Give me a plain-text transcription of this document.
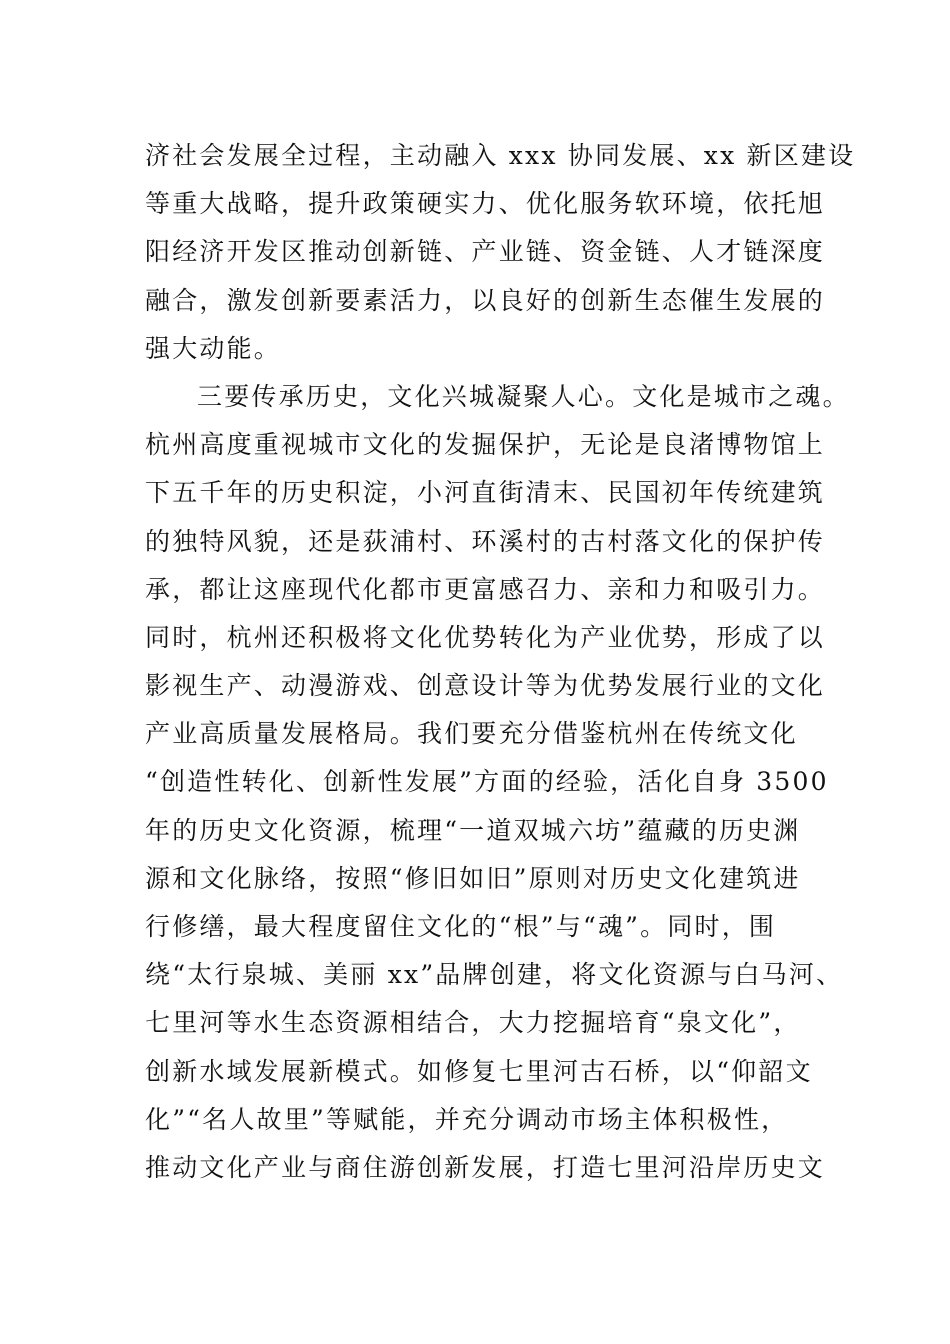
济社会发展全过程，主动融入 xxx 协同发展、xx 新区建设
等重大战略，提升政策硬实力、优化服务软环境，依托旭
阳经济开发区推动创新链、产业链、资金链、人才链深度
融合，激发创新要素活力，以良好的创新生态催生发展的
强大动能。
三要传承历史，文化兴城凝聚人心。文化是城市之魂。
杭州高度重视城市文化的发掘保护，无论是良渚博物馆上
下五千年的历史积淀，小河直街清末、民国初年传统建筑
的独特风貌，还是荻浦村、环溪村的古村落文化的保护传
承，都让这座现代化都市更富感召力、亲和力和吸引力。
同时，杭州还积极将文化优势转化为产业优势，形成了以
影视生产、动漫游戏、创意设计等为优势发展行业的文化
产业高质量发展格局。我们要充分借鉴杭州在传统文化
“创造性转化、创新性发展”方面的经验，活化自身 3500
年的历史文化资源，梳理“一道双城六坊”蕴藏的历史渊
源和文化脉络，按照“修旧如旧”原则对历史文化建筑进
行修缮，最大程度留住文化的“根”与“魂”。同时，围
绕“太行泉城、美丽 xx”品牌创建，将文化资源与白马河、
七里河等水生态资源相结合，大力挖掘培育“泉文化”，
创新水域发展新模式。如修复七里河古石桥，以“仰韶文
化”“名人故里”等赋能，并充分调动市场主体积极性，
推动文化产业与商住游创新发展，打造七里河沿岸历史文
